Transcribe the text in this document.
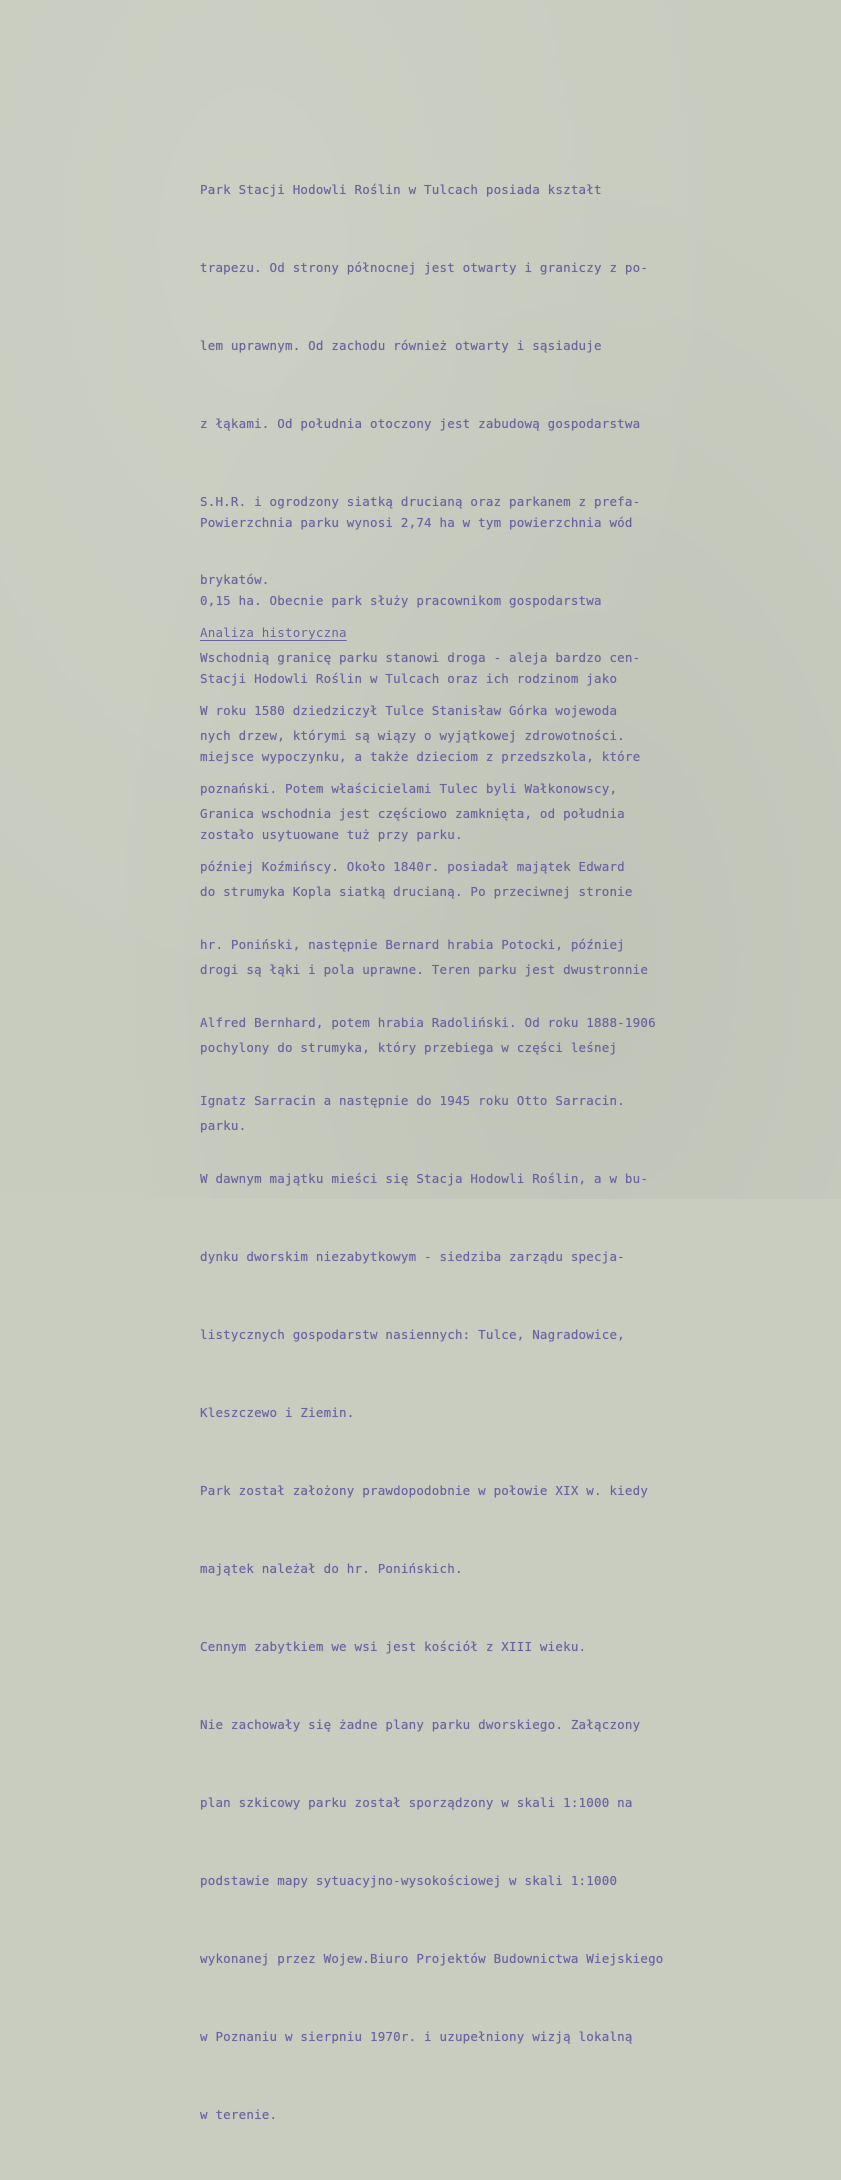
Park Stacji Hodowli Roślin w Tulcach posiada kształt

trapezu. Od strony północnej jest otwarty i graniczy z po-

lem uprawnym. Od zachodu również otwarty i sąsiaduje

z łąkami. Od południa otoczony jest zabudową gospodarstwa

S.H.R. i ogrodzony siatką drucianą oraz parkanem z prefa-

brykatów.

Wschodnią granicę parku stanowi droga - aleja bardzo cen-

nych drzew, którymi są wiązy o wyjątkowej zdrowotności.

Granica wschodnia jest częściowo zamknięta, od południa

do strumyka Kopla siatką drucianą. Po przeciwnej stronie

drogi są łąki i pola uprawne. Teren parku jest dwustronnie

pochylony do strumyka, który przebiega w części leśnej

parku.

Powierzchnia parku wynosi 2,74 ha w tym powierzchnia wód

0,15 ha. Obecnie park służy pracownikom gospodarstwa

Stacji Hodowli Roślin w Tulcach oraz ich rodzinom jako

miejsce wypoczynku, a także dzieciom z przedszkola, które

zostało usytuowane tuż przy parku.

Analiza historyczna

W roku 1580 dziedziczył Tulce Stanisław Górka wojewoda

poznański. Potem właścicielami Tulec byli Wałkonowscy,

później Koźmińscy. Około 1840r. posiadał majątek Edward

hr. Poniński, następnie Bernard hrabia Potocki, później

Alfred Bernhard, potem hrabia Radoliński. Od roku 1888-1906

Ignatz Sarracin a następnie do 1945 roku Otto Sarracin.

W dawnym majątku mieści się Stacja Hodowli Roślin, a w bu-

dynku dworskim niezabytkowym - siedziba zarządu specja-

listycznych gospodarstw nasiennych: Tulce, Nagradowice,

Kleszczewo i Ziemin.

Park został założony prawdopodobnie w połowie XIX w. kiedy

majątek należał do hr. Ponińskich.

Cennym zabytkiem we wsi jest kościół z XIII wieku.

Nie zachowały się żadne plany parku dworskiego. Załączony

plan szkicowy parku został sporządzony w skali 1:1000 na

podstawie mapy sytuacyjno-wysokościowej w skali 1:1000

wykonanej przez Wojew.Biuro Projektów Budownictwa Wiejskiego

w Poznaniu w sierpniu 1970r. i uzupełniony wizją lokalną

w terenie.
